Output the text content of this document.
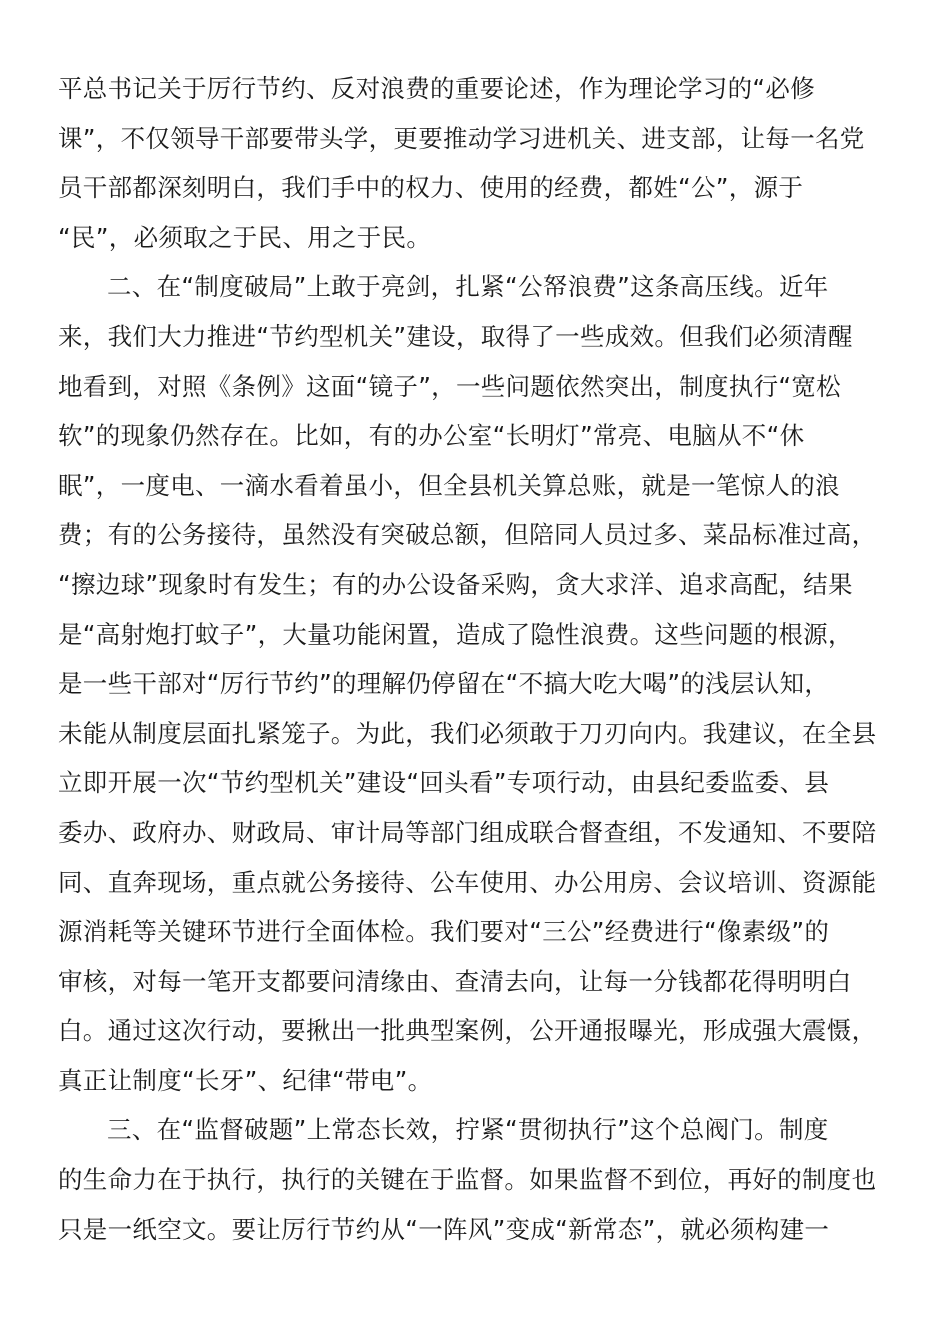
平总书记关于厉行节约、反对浪费的重要论述，作为理论学习的“必修
课”，不仅领导干部要带头学，更要推动学习进机关、进支部，让每一名党
员干部都深刻明白，我们手中的权力、使用的经费，都姓“公”，源于
“民”，必须取之于民、用之于民。
二、在“制度破局”上敢于亮剑，扎紧“公帑浪费”这条高压线。近年
来，我们大力推进“节约型机关”建设，取得了一些成效。但我们必须清醒
地看到，对照《条例》这面“镜子”，一些问题依然突出，制度执行“宽松
软”的现象仍然存在。比如，有的办公室“长明灯”常亮、电脑从不“休
眠”，一度电、一滴水看着虽小，但全县机关算总账，就是一笔惊人的浪
费；有的公务接待，虽然没有突破总额，但陪同人员过多、菜品标准过高，
“擦边球”现象时有发生；有的办公设备采购，贪大求洋、追求高配，结果
是“高射炮打蚊子”，大量功能闲置，造成了隐性浪费。这些问题的根源，
是一些干部对“厉行节约”的理解仍停留在“不搞大吃大喝”的浅层认知，
未能从制度层面扎紧笼子。为此，我们必须敢于刀刃向内。我建议，在全县
立即开展一次“节约型机关”建设“回头看”专项行动，由县纪委监委、县
委办、政府办、财政局、审计局等部门组成联合督查组，不发通知、不要陪
同、直奔现场，重点就公务接待、公车使用、办公用房、会议培训、资源能
源消耗等关键环节进行全面体检。我们要对“三公”经费进行“像素级”的
审核，对每一笔开支都要问清缘由、查清去向，让每一分钱都花得明明白
白。通过这次行动，要揪出一批典型案例，公开通报曝光，形成强大震慑，
真正让制度“长牙”、纪律“带电”。
三、在“监督破题”上常态长效，拧紧“贯彻执行”这个总阀门。制度
的生命力在于执行，执行的关键在于监督。如果监督不到位，再好的制度也
只是一纸空文。要让厉行节约从“一阵风”变成“新常态”，就必须构建一
